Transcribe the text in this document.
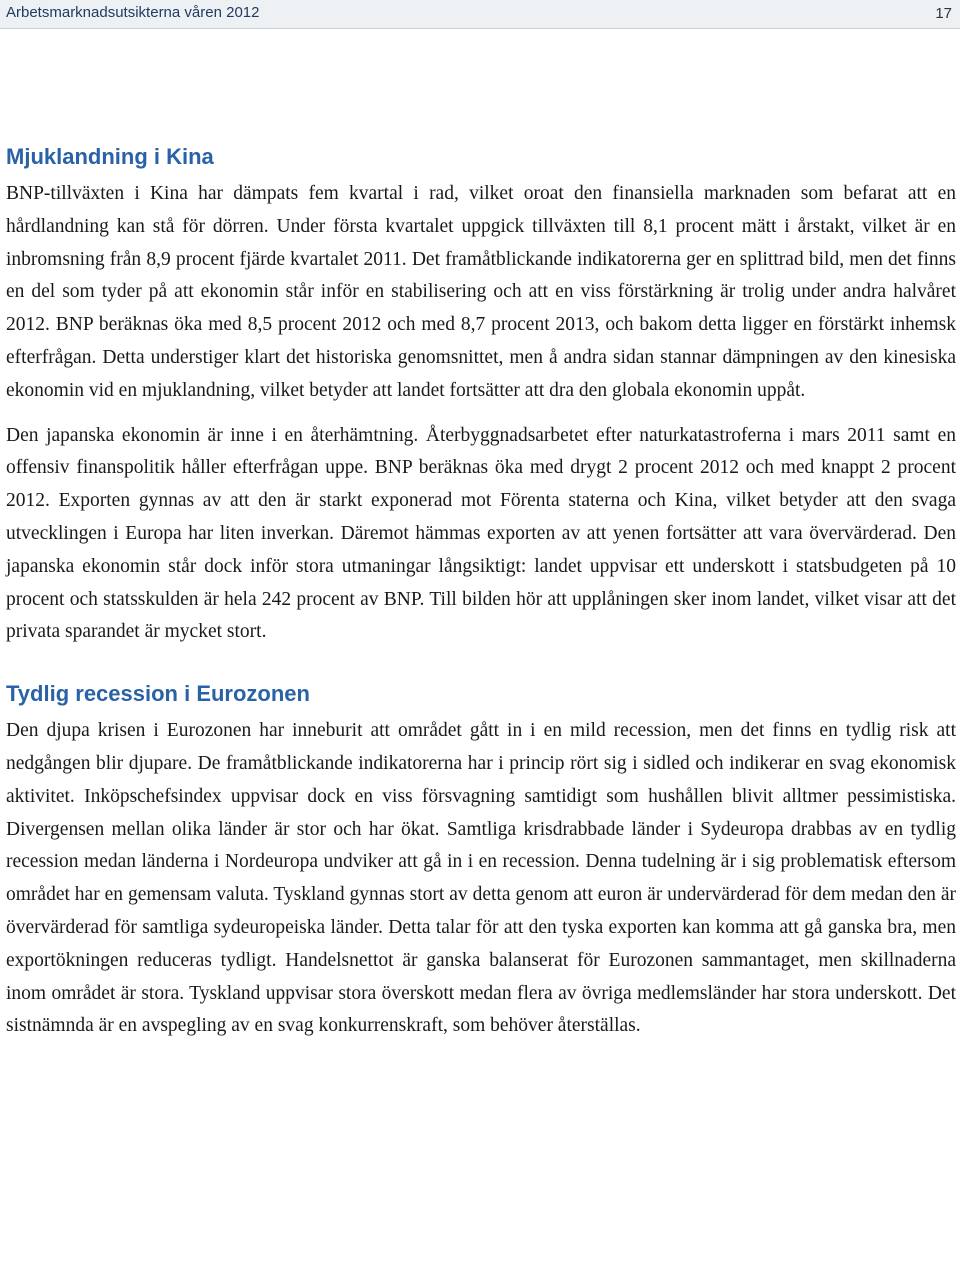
Arbetsmarknadsutsikterna våren 2012	17
Mjuklandning i Kina

BNP-tillväxten i Kina har dämpats fem kvartal i rad, vilket oroat den finansiella marknaden som befarat att en hårdlandning kan stå för dörren. Under första kvartalet uppgick tillväxten till 8,1 procent mätt i årstakt, vilket är en inbromsning från 8,9 procent fjärde kvartalet 2011. Det framåtblickande indikatorerna ger en splittrad bild, men det finns en del som tyder på att ekonomin står inför en stabilisering och att en viss förstärkning är trolig under andra halvåret 2012. BNP beräknas öka med 8,5 procent 2012 och med 8,7 procent 2013, och bakom detta ligger en förstärkt inhemsk efterfrågan. Detta understiger klart det historiska genomsnittet, men å andra sidan stannar dämpningen av den kinesiska ekonomin vid en mjuklandning, vilket betyder att landet fortsätter att dra den globala ekonomin uppåt.

Den japanska ekonomin är inne i en återhämtning. Återbyggnadsarbetet efter naturkatastroferna i mars 2011 samt en offensiv finanspolitik håller efterfrågan uppe. BNP beräknas öka med drygt 2 procent 2012 och med knappt 2 procent 2012. Exporten gynnas av att den är starkt exponerad mot Förenta staterna och Kina, vilket betyder att den svaga utvecklingen i Europa har liten inverkan. Däremot hämmas exporten av att yenen fortsätter att vara övervärderad. Den japanska ekonomin står dock inför stora utmaningar långsiktigt: landet uppvisar ett underskott i statsbudgeten på 10 procent och statsskulden är hela 242 procent av BNP. Till bilden hör att upplåningen sker inom landet, vilket visar att det privata sparandet är mycket stort.

Tydlig recession i Eurozonen

Den djupa krisen i Eurozonen har inneburit att området gått in i en mild recession, men det finns en tydlig risk att nedgången blir djupare. De framåtblickande indikatorerna har i princip rört sig i sidled och indikerar en svag ekonomisk aktivitet. Inköpschefsindex uppvisar dock en viss försvagning samtidigt som hushållen blivit alltmer pessimistiska. Divergensen mellan olika länder är stor och har ökat. Samtliga krisdrabbade länder i Sydeuropa drabbas av en tydlig recession medan länderna i Nordeuropa undviker att gå in i en recession. Denna tudelning är i sig problematisk eftersom området har en gemensam valuta. Tyskland gynnas stort av detta genom att euron är undervärderad för dem medan den är övervärderad för samtliga sydeuropeiska länder. Detta talar för att den tyska exporten kan komma att gå ganska bra, men exportökningen reduceras tydligt. Handelsnettot är ganska balanserat för Eurozonen sammantaget, men skillnaderna inom området är stora. Tyskland uppvisar stora överskott medan flera av övriga medlemsländer har stora underskott. Det sistnämnda är en avspegling av en svag konkurrenskraft, som behöver återställas.
